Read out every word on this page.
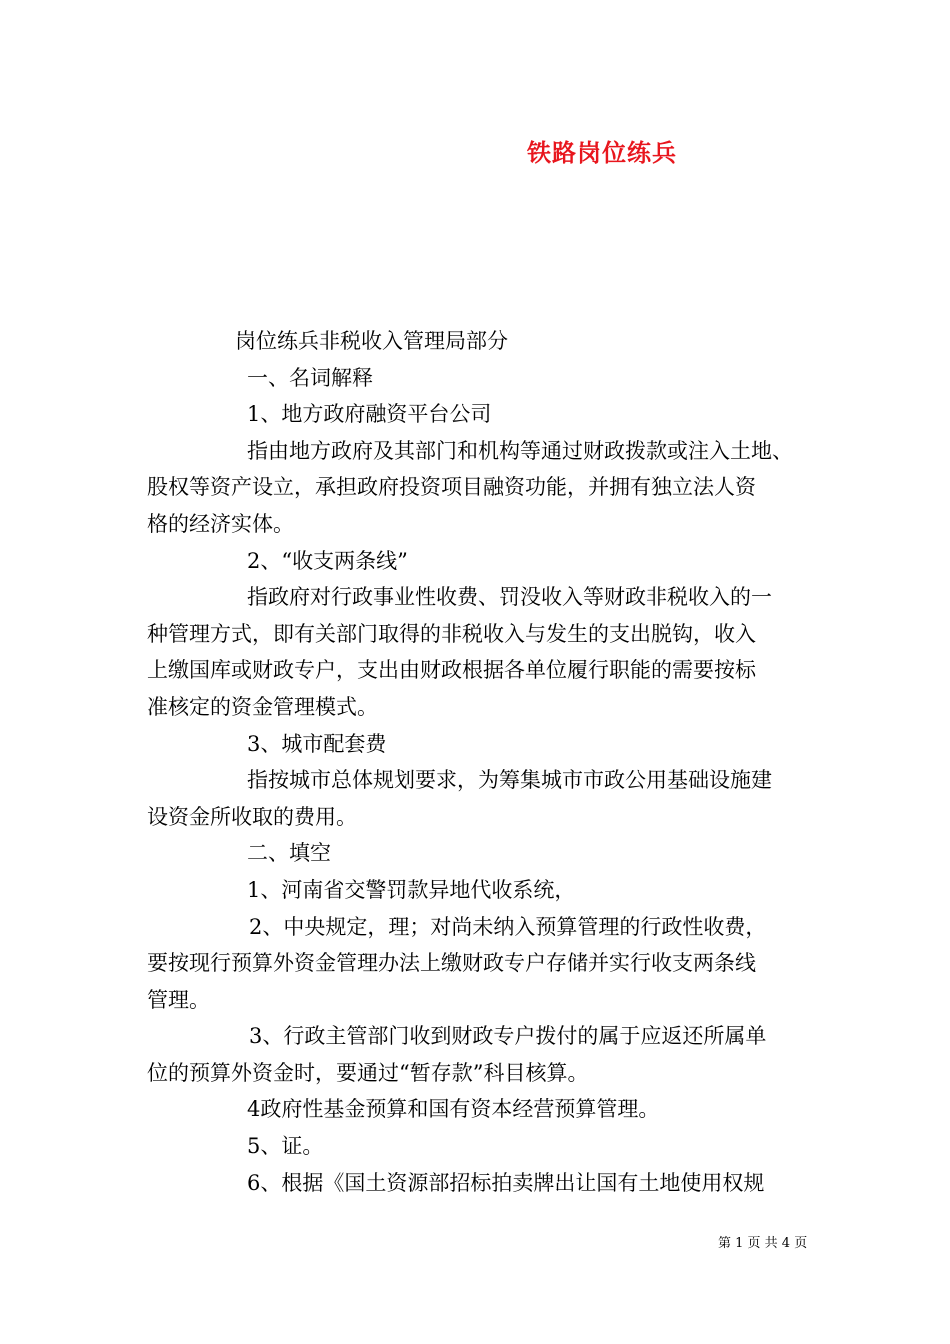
铁路岗位练兵
岗位练兵非税收入管理局部分
一、名词解释
1、地方政府融资平台公司
指由地方政府及其部门和机构等通过财政拨款或注入土地、
股权等资产设立，承担政府投资项目融资功能，并拥有独立法人资
格的经济实体。
2、“收支两条线”
指政府对行政事业性收费、罚没收入等财政非税收入的一
种管理方式，即有关部门取得的非税收入与发生的支出脱钩，收入
上缴国库或财政专户，支出由财政根据各单位履行职能的需要按标
准核定的资金管理模式。
3、城市配套费
指按城市总体规划要求，为筹集城市市政公用基础设施建
设资金所收取的费用。
二、填空
1、河南省交警罚款异地代收系统，
2、中央规定，理；对尚未纳入预算管理的行政性收费，
要按现行预算外资金管理办法上缴财政专户存储并实行收支两条线
管理。
3、行政主管部门收到财政专户拨付的属于应返还所属单
位的预算外资金时，要通过“暂存款”科目核算。
4政府性基金预算和国有资本经营预算管理。
5、证。
6、根据《国土资源部招标拍卖牌出让国有土地使用权规
第 1 页 共 4 页
